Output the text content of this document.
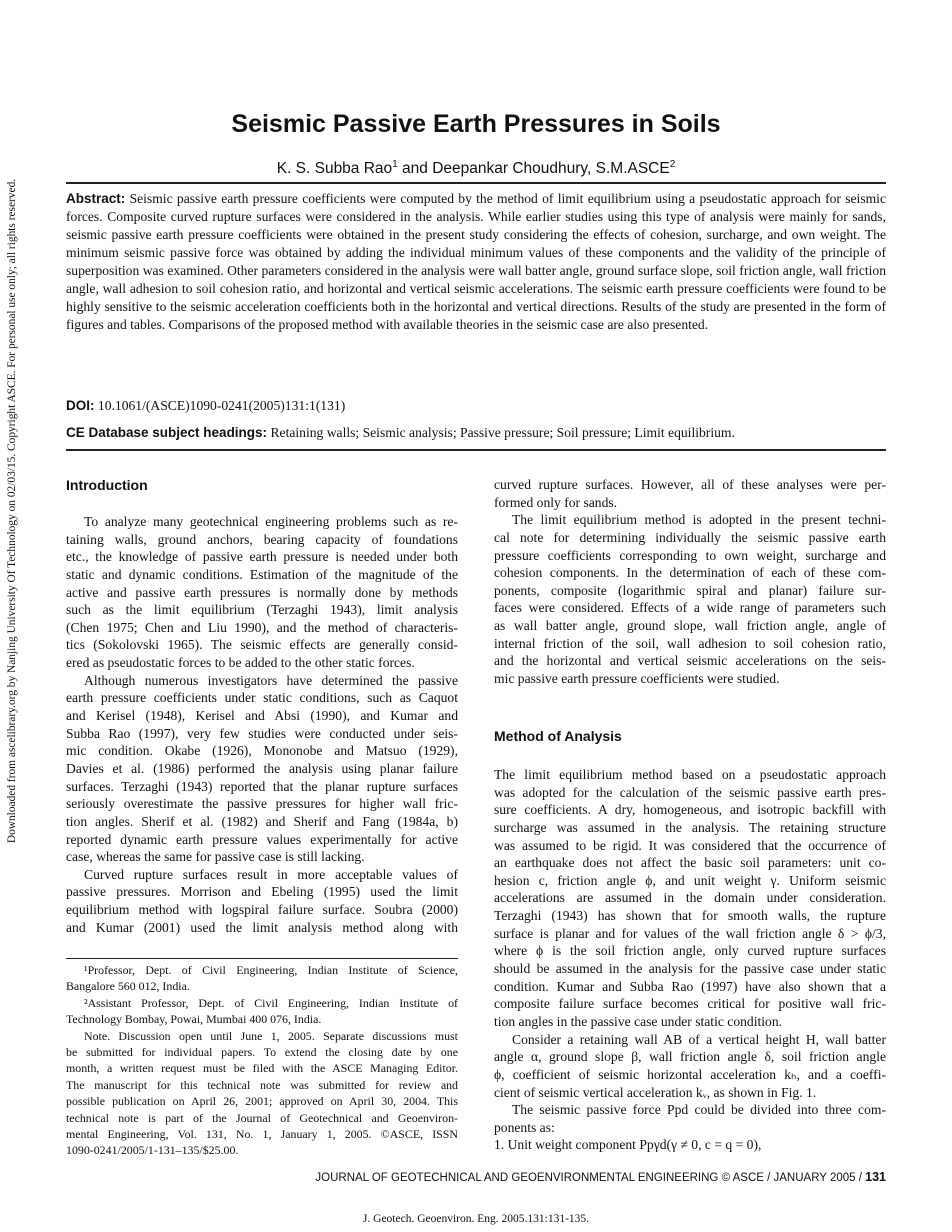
Downloaded from ascelibrary.org by Nanjing University Of Technology on 02/03/15. Copyright ASCE. For personal use only; all rights reserved.
Seismic Passive Earth Pressures in Soils
K. S. Subba Rao$^1$ and Deepankar Choudhury, S.M.ASCE$^2$
Abstract: Seismic passive earth pressure coefficients were computed by the method of limit equilibrium using a pseudostatic approach for seismic forces. Composite curved rupture surfaces were considered in the analysis. While earlier studies using this type of analysis were mainly for sands, seismic passive earth pressure coefficients were obtained in the present study considering the effects of cohesion, surcharge, and own weight. The minimum seismic passive force was obtained by adding the individual minimum values of these components and the validity of the principle of superposition was examined. Other parameters considered in the analysis were wall batter angle, ground surface slope, soil friction angle, wall friction angle, wall adhesion to soil cohesion ratio, and horizontal and vertical seismic accelerations. The seismic earth pressure coefficients were found to be highly sensitive to the seismic acceleration coefficients both in the horizontal and vertical directions. Results of the study are presented in the form of figures and tables. Comparisons of the proposed method with available theories in the seismic case are also presented.
DOI: 10.1061/(ASCE)1090-0241(2005)131:1(131)
CE Database subject headings: Retaining walls; Seismic analysis; Passive pressure; Soil pressure; Limit equilibrium.
Introduction
To analyze many geotechnical engineering problems such as re-
taining walls, ground anchors, bearing capacity of foundations
etc., the knowledge of passive earth pressure is needed under both
static and dynamic conditions. Estimation of the magnitude of the
active and passive earth pressures is normally done by methods
such as the limit equilibrium (Terzaghi 1943), limit analysis
(Chen 1975; Chen and Liu 1990), and the method of characteris-
tics (Sokolovski 1965). The seismic effects are generally consid-
ered as pseudostatic forces to be added to the other static forces.
Although numerous investigators have determined the passive
earth pressure coefficients under static conditions, such as Caquot
and Kerisel (1948), Kerisel and Absi (1990), and Kumar and
Subba Rao (1997), very few studies were conducted under seis-
mic condition. Okabe (1926), Mononobe and Matsuo (1929),
Davies et al. (1986) performed the analysis using planar failure
surfaces. Terzaghi (1943) reported that the planar rupture surfaces
seriously overestimate the passive pressures for higher wall fric-
tion angles. Sherif et al. (1982) and Sherif and Fang (1984a, b)
reported dynamic earth pressure values experimentally for active
case, whereas the same for passive case is still lacking.
Curved rupture surfaces result in more acceptable values of
passive pressures. Morrison and Ebeling (1995) used the limit
equilibrium method with logspiral failure surface. Soubra (2000)
and Kumar (2001) used the limit analysis method along with
¹Professor, Dept. of Civil Engineering, Indian Institute of Science,
Bangalore 560 012, India.
²Assistant Professor, Dept. of Civil Engineering, Indian Institute of
Technology Bombay, Powai, Mumbai 400 076, India.
Note. Discussion open until June 1, 2005. Separate discussions must
be submitted for individual papers. To extend the closing date by one
month, a written request must be filed with the ASCE Managing Editor.
The manuscript for this technical note was submitted for review and
possible publication on April 26, 2001; approved on April 30, 2004. This
technical note is part of the Journal of Geotechnical and Geoenviron-
mental Engineering, Vol. 131, No. 1, January 1, 2005. ©ASCE, ISSN
1090-0241/2005/1-131–135/$25.00.
curved rupture surfaces. However, all of these analyses were per-
formed only for sands.
The limit equilibrium method is adopted in the present techni-
cal note for determining individually the seismic passive earth
pressure coefficients corresponding to own weight, surcharge and
cohesion components. In the determination of each of these com-
ponents, composite (logarithmic spiral and planar) failure sur-
faces were considered. Effects of a wide range of parameters such
as wall batter angle, ground slope, wall friction angle, angle of
internal friction of the soil, wall adhesion to soil cohesion ratio,
and the horizontal and vertical seismic accelerations on the seis-
mic passive earth pressure coefficients were studied.
Method of Analysis
The limit equilibrium method based on a pseudostatic approach
was adopted for the calculation of the seismic passive earth pres-
sure coefficients. A dry, homogeneous, and isotropic backfill with
surcharge was assumed in the analysis. The retaining structure
was assumed to be rigid. It was considered that the occurrence of
an earthquake does not affect the basic soil parameters: unit co-
hesion c, friction angle ϕ, and unit weight γ. Uniform seismic
accelerations are assumed in the domain under consideration.
Terzaghi (1943) has shown that for smooth walls, the rupture
surface is planar and for values of the wall friction angle δ > ϕ/3,
where ϕ is the soil friction angle, only curved rupture surfaces
should be assumed in the analysis for the passive case under static
condition. Kumar and Subba Rao (1997) have also shown that a
composite failure surface becomes critical for positive wall fric-
tion angles in the passive case under static condition.
Consider a retaining wall AB of a vertical height H, wall batter
angle α, ground slope β, wall friction angle δ, soil friction angle
ϕ, coefficient of seismic horizontal acceleration kₕ, and a coeffi-
cient of seismic vertical acceleration kᵥ, as shown in Fig. 1.
The seismic passive force Ppd could be divided into three com-
ponents as:
1. Unit weight component Ppγd(γ ≠ 0, c = q = 0),
JOURNAL OF GEOTECHNICAL AND GEOENVIRONMENTAL ENGINEERING © ASCE / JANUARY 2005 / 131
J. Geotech. Geoenviron. Eng. 2005.131:131-135.
